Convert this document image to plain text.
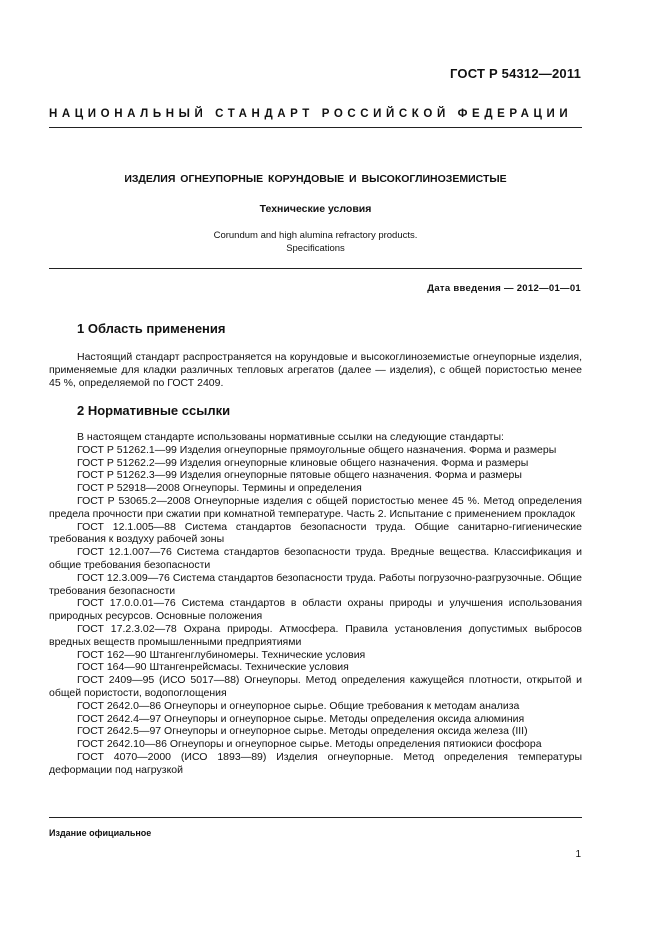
ГОСТ Р 54312—2011
НАЦИОНАЛЬНЫЙ СТАНДАРТ РОССИЙСКОЙ ФЕДЕРАЦИИ
ИЗДЕЛИЯ ОГНЕУПОРНЫЕ КОРУНДОВЫЕ И ВЫСОКОГЛИНОЗЕМИСТЫЕ
Технические условия
Corundum and high alumina refractory products.
Specifications
Дата введения — 2012—01—01
1 Область применения
Настоящий стандарт распространяется на корундовые и высокоглиноземистые огнеупорные изделия, применяемые для кладки различных тепловых агрегатов (далее — изделия), с общей пористостью менее 45 %, определяемой по ГОСТ 2409.
2 Нормативные ссылки
В настоящем стандарте использованы нормативные ссылки на следующие стандарты:
ГОСТ Р 51262.1—99 Изделия огнеупорные прямоугольные общего назначения. Форма и размеры
ГОСТ Р 51262.2—99 Изделия огнеупорные клиновые общего назначения. Форма и размеры
ГОСТ Р 51262.3—99 Изделия огнеупорные пятовые общего назначения. Форма и размеры
ГОСТ Р 52918—2008 Огнеупоры. Термины и определения
ГОСТ Р 53065.2—2008 Огнеупорные изделия с общей пористостью менее 45 %. Метод определения предела прочности при сжатии при комнатной температуре. Часть 2. Испытание с применением прокладок
ГОСТ 12.1.005—88 Система стандартов безопасности труда. Общие санитарно-гигиенические требования к воздуху рабочей зоны
ГОСТ 12.1.007—76 Система стандартов безопасности труда. Вредные вещества. Классификация и общие требования безопасности
ГОСТ 12.3.009—76 Система стандартов безопасности труда. Работы погрузочно-разгрузочные. Общие требования безопасности
ГОСТ 17.0.0.01—76 Система стандартов в области охраны природы и улучшения использования природных ресурсов. Основные положения
ГОСТ 17.2.3.02—78 Охрана природы. Атмосфера. Правила установления допустимых выбросов вредных веществ промышленными предприятиями
ГОСТ 162—90 Штангенглубиномеры. Технические условия
ГОСТ 164—90 Штангенрейсмасы. Технические условия
ГОСТ 2409—95 (ИСО 5017—88) Огнеупоры. Метод определения кажущейся плотности, открытой и общей пористости, водопоглощения
ГОСТ 2642.0—86 Огнеупоры и огнеупорное сырье. Общие требования к методам анализа
ГОСТ 2642.4—97 Огнеупоры и огнеупорное сырье. Методы определения оксида алюминия
ГОСТ 2642.5—97 Огнеупоры и огнеупорное сырье. Методы определения оксида железа (III)
ГОСТ 2642.10—86 Огнеупоры и огнеупорное сырье. Методы определения пятиокиси фосфора
ГОСТ 4070—2000 (ИСО 1893—89) Изделия огнеупорные. Метод определения температуры деформации под нагрузкой
Издание официальное
1
